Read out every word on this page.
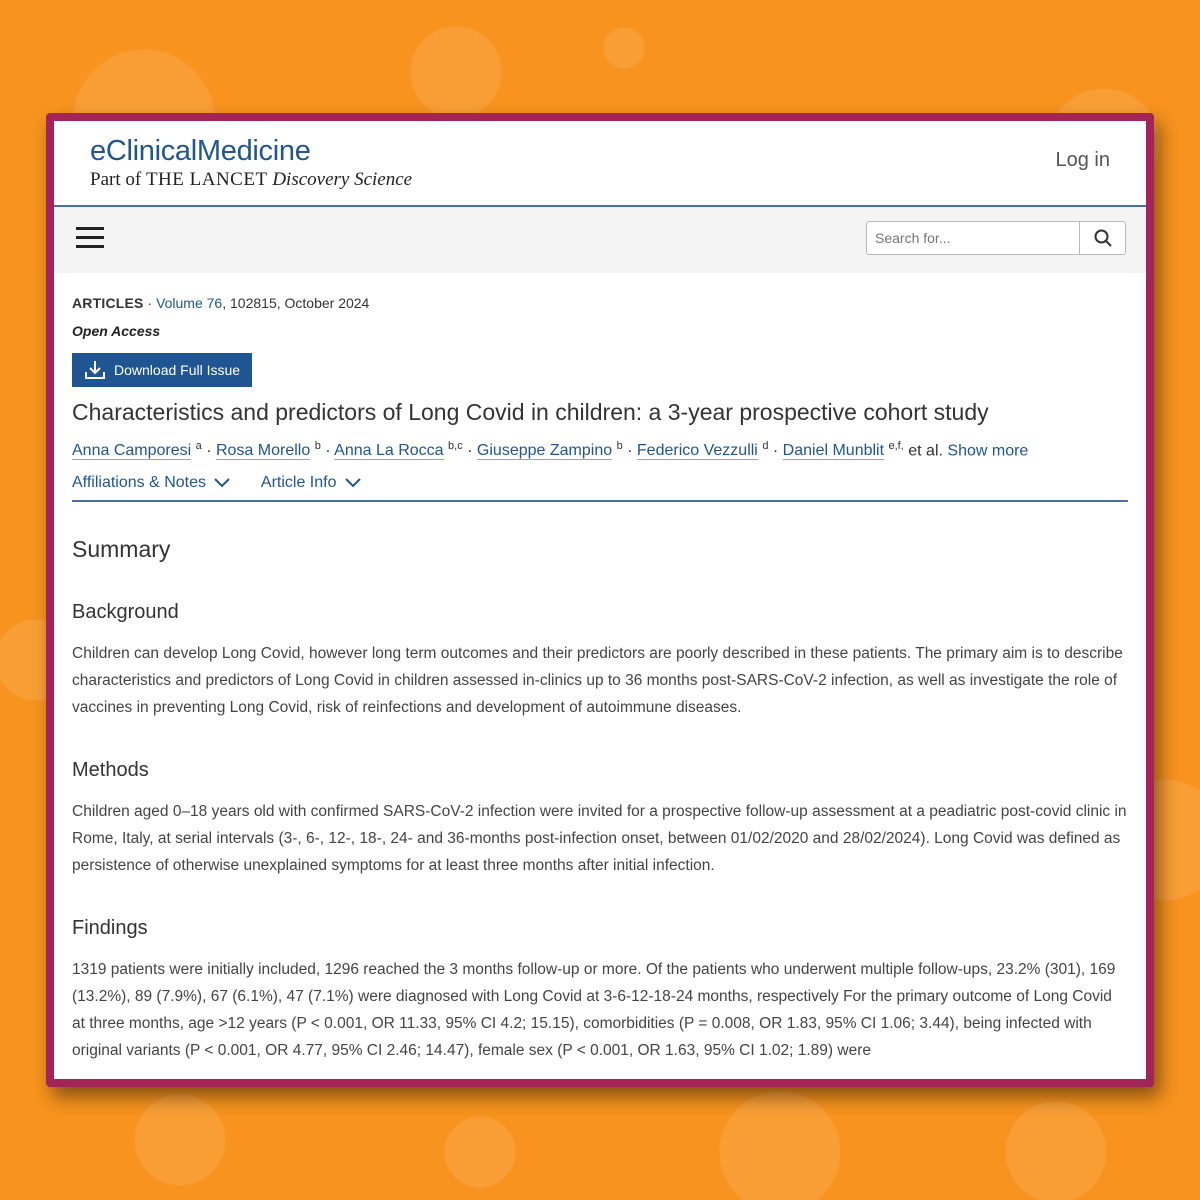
eClinicalMedicine
Part of THE LANCET Discovery Science
Log in
Search for...
ARTICLES · Volume 76, 102815, October 2024
Open Access
Download Full Issue
Characteristics and predictors of Long Covid in children: a 3-year prospective cohort study
Anna Camporesi $^a$ · Rosa Morello $^b$ · Anna La Rocca $^{b,c}$ · Giuseppe Zampino $^b$ · Federico Vezzulli $^d$ · Daniel Munblit $^{e,f,}$ et al. Show more
Affiliations & Notes	Article Info
Summary
Background

Children can develop Long Covid, however long term outcomes and their predictors are poorly described in these patients. The primary aim is to describe characteristics and predictors of Long Covid in children assessed in-clinics up to 36 months post-SARS-CoV-2 infection, as well as investigate the role of vaccines in preventing Long Covid, risk of reinfections and development of autoimmune diseases.

Methods

Children aged 0–18 years old with confirmed SARS-CoV-2 infection were invited for a prospective follow-up assessment at a peadiatric post-covid clinic in Rome, Italy, at serial intervals (3-, 6-, 12-, 18-, 24- and 36-months post-infection onset, between 01/02/2020 and 28/02/2024). Long Covid was defined as persistence of otherwise unexplained symptoms for at least three months after initial infection.

Findings

1319 patients were initially included, 1296 reached the 3 months follow-up or more. Of the patients who underwent multiple follow-ups, 23.2% (301), 169 (13.2%), 89 (7.9%), 67 (6.1%), 47 (7.1%) were diagnosed with Long Covid at 3-6-12-18-24 months, respectively For the primary outcome of Long Covid at three months, age >12 years (P < 0.001, OR 11.33, 95% CI 4.2; 15.15), comorbidities (P = 0.008, OR 1.83, 95% CI 1.06; 3.44), being infected with original variants (P < 0.001, OR 4.77, 95% CI 2.46; 14.47), female sex (P < 0.001, OR 1.63, 95% CI 1.02; 1.89) were
